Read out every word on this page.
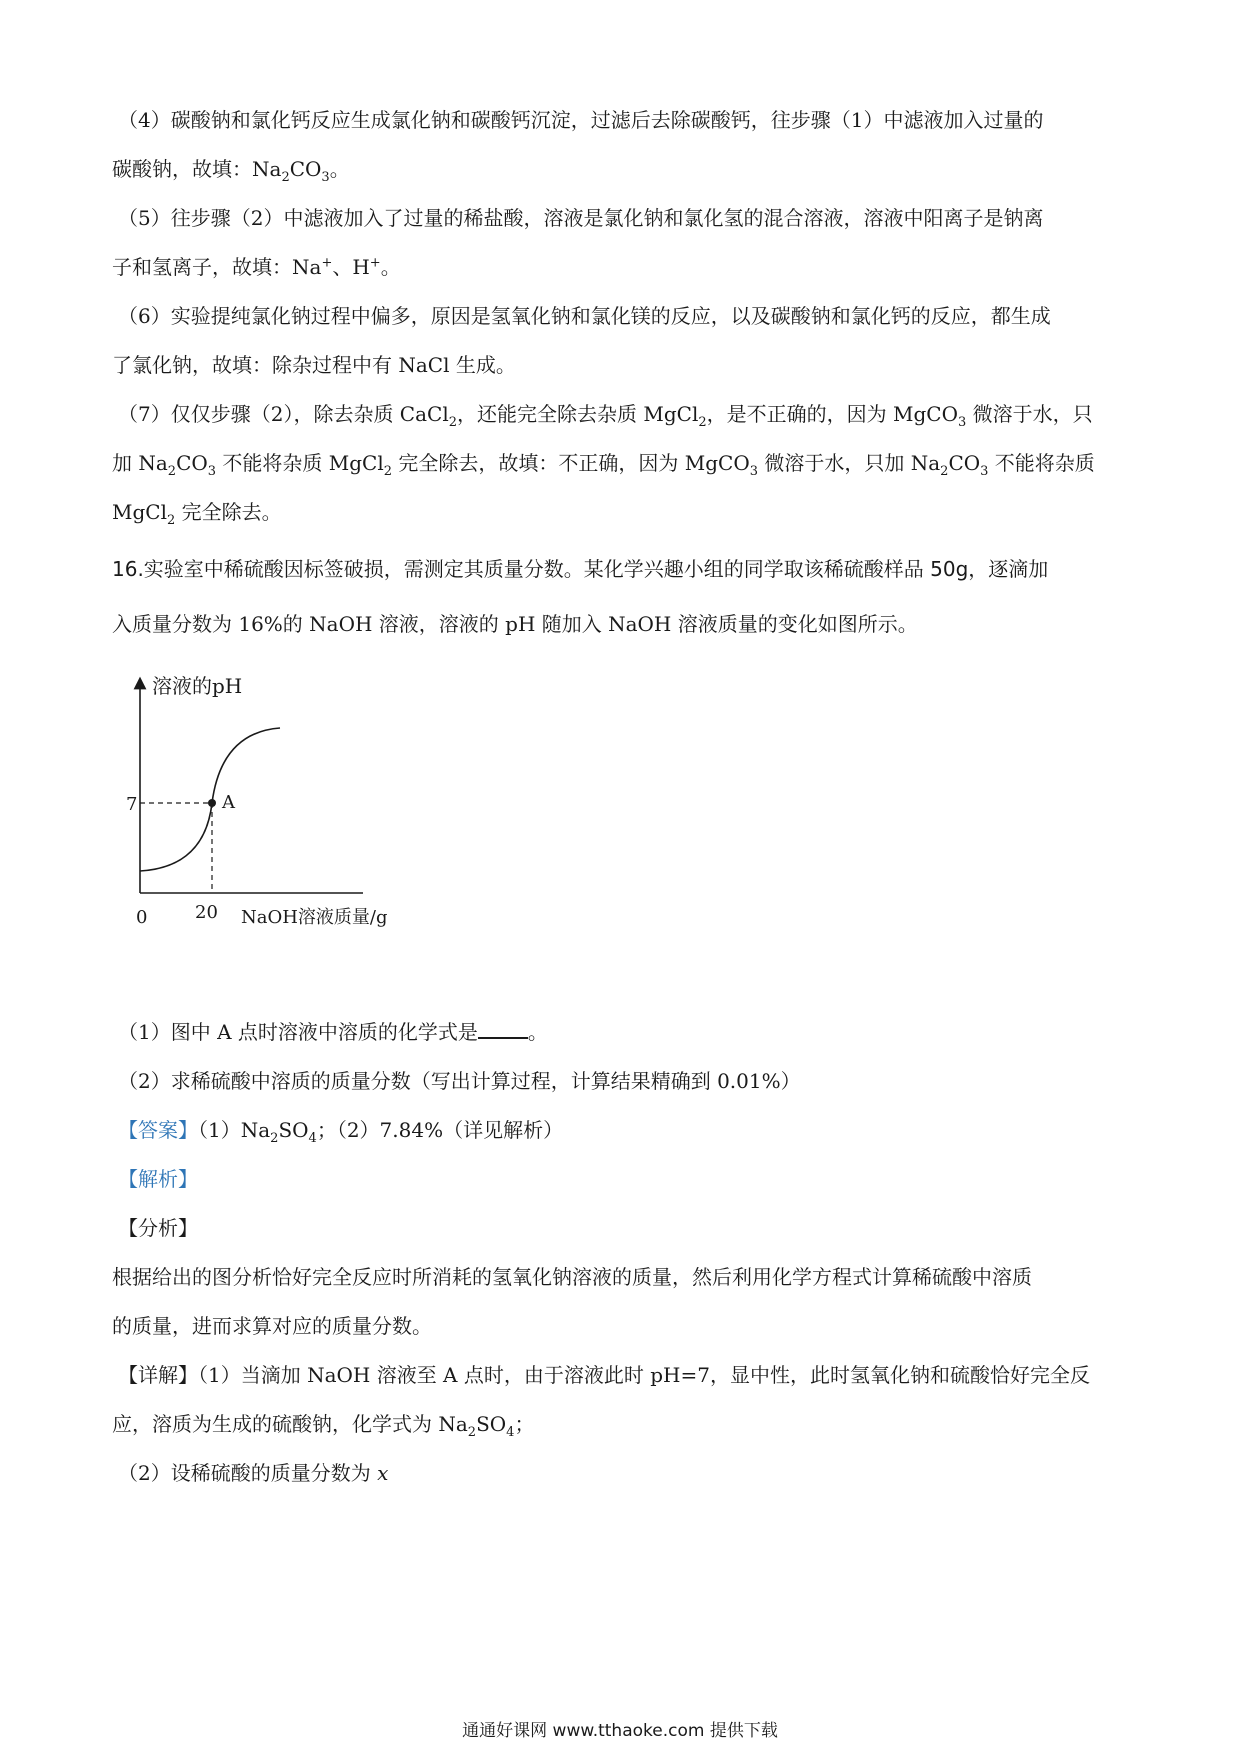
（4）碳酸钠和氯化钙反应生成氯化钠和碳酸钙沉淀，过滤后去除碳酸钙，往步骤（1）中滤液加入过量的
碳酸钠，故填：$Na_2CO_3$。
（5）往步骤（2）中滤液加入了过量的稀盐酸，溶液是氯化钠和氯化氢的混合溶液，溶液中阳离子是钠离
子和氢离子，故填：Na+、H+。
（6）实验提纯氯化钠过程中偏多，原因是氢氧化钠和氯化镁的反应，以及碳酸钠和氯化钙的反应，都生成
了氯化钠，故填：除杂过程中有 NaCl 生成。
（7）仅仅步骤（2），除去杂质 CaCl$_2$，还能完全除去杂质 MgCl$_2$，是不正确的，因为 MgCO$_3$ 微溶于水，只
加 $Na_2CO_3$ 不能将杂质 MgCl$_2$ 完全除去，故填：不正确，因为 MgCO$_3$ 微溶于水，只加 $Na_2CO_3$ 不能将杂质
MgCl$_2$ 完全除去。
16.实验室中稀硫酸因标签破损，需测定其质量分数。某化学兴趣小组的同学取该稀硫酸样品 50g，逐滴加
入质量分数为 16%的 NaOH 溶液，溶液的 pH 随加入 NaOH 溶液质量的变化如图所示。
溶液的pH
NaOH溶液质量/g
0	20
7	A
（1）图中 A 点时溶液中溶质的化学式是	。
（2）求稀硫酸中溶质的质量分数（写出计算过程，计算结果精确到 0.01%）
【答案】$(1)Na_2SO_4$；（2）7.84%（详见解析）
【解析】
【分析】
根据给出的图分析恰好完全反应时所消耗的氢氧化钠溶液的质量，然后利用化学方程式计算稀硫酸中溶质
的质量，进而求算对应的质量分数。
【详解】（1）当滴加 NaOH 溶液至 A 点时，由于溶液此时 pH=7，显中性，此时氢氧化钠和硫酸恰好完全反
应，溶质为生成的硫酸钠，化学式为 $Na_2SO_4$；
（2）设稀硫酸的质量分数为 x
通通好课网 www.tthaoke.com 提供下载
